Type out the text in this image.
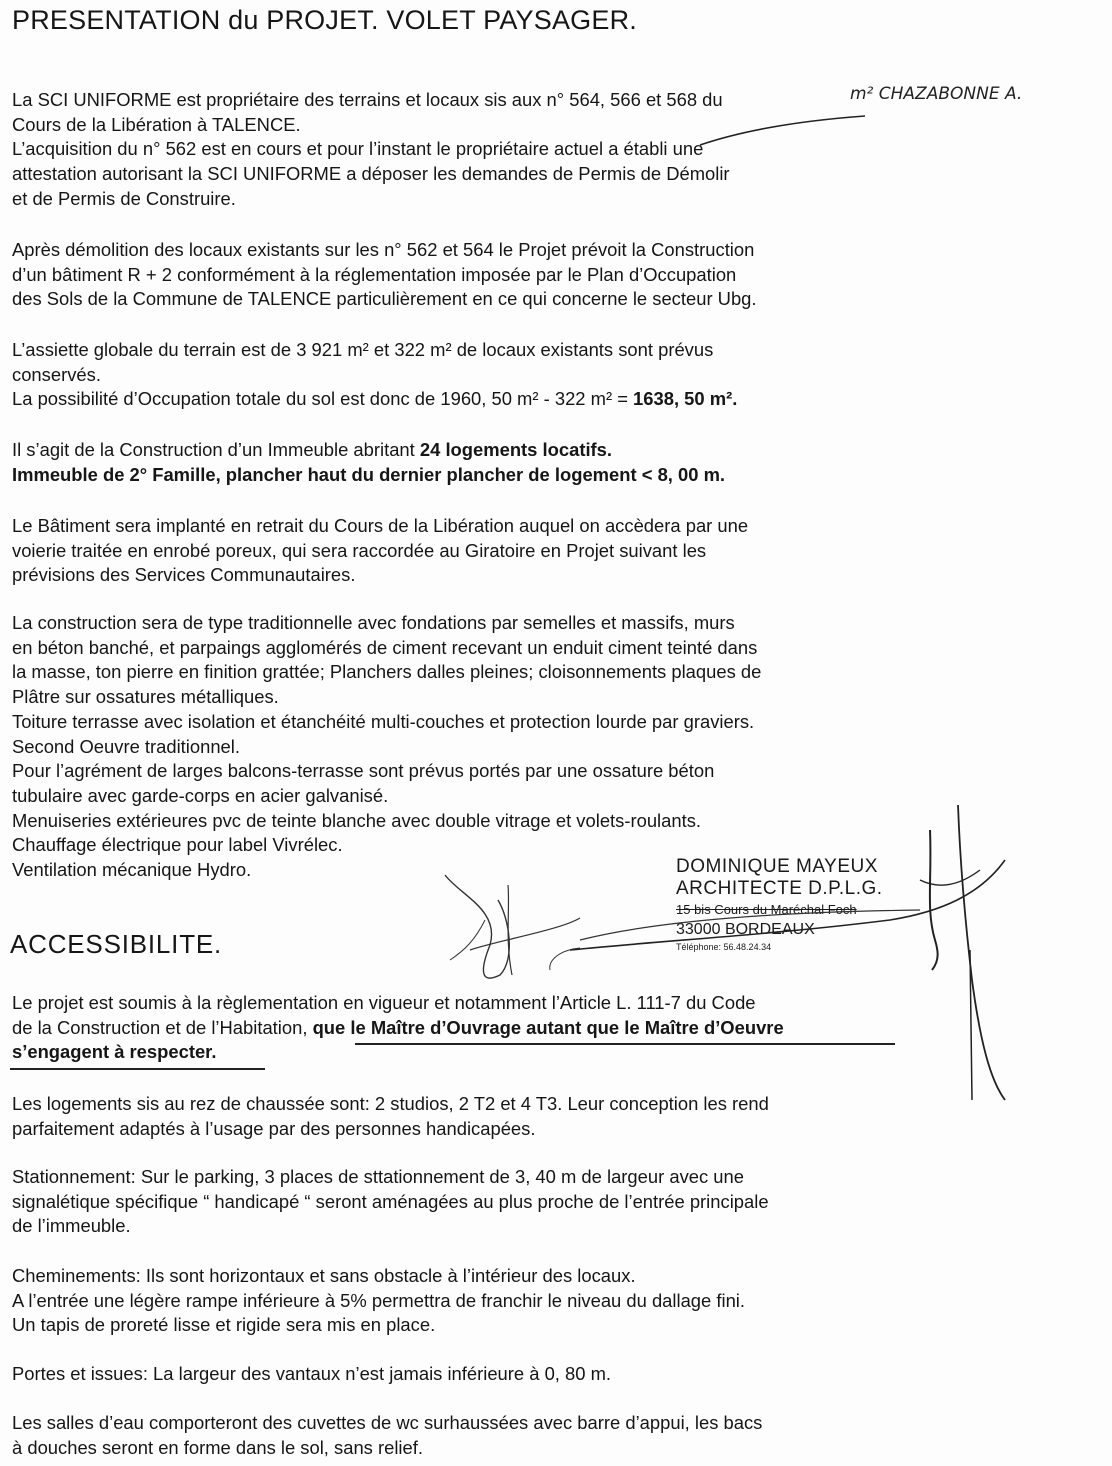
PRESENTATION du PROJET. VOLET PAYSAGER.

La SCI UNIFORME est propriétaire des terrains et locaux sis aux n° 564, 566 et 568 du
Cours de la Libération à TALENCE.
L’acquisition du n° 562 est en cours et pour l’instant le propriétaire actuel a établi une
attestation autorisant la SCI UNIFORME a déposer les demandes de Permis de Démolir
et de Permis de Construire.

Après démolition des locaux existants sur les n° 562 et 564 le Projet prévoit la Construction
d’un bâtiment R + 2 conformément à la réglementation imposée par le Plan d’Occupation
des Sols de la Commune de TALENCE particulièrement en ce qui concerne le secteur Ubg.

L’assiette globale du terrain est de 3 921 m² et 322 m² de locaux existants sont prévus
conservés.
La possibilité d’Occupation totale du sol est donc de 1960, 50 m² - 322 m² = 1638, 50 m².

Il s’agit de la Construction d’un Immeuble abritant 24 logements locatifs.
Immeuble de 2° Famille, plancher haut du dernier plancher de logement < 8, 00 m.

Le Bâtiment sera implanté en retrait du Cours de la Libération auquel on accèdera par une
voierie traitée en enrobé poreux, qui sera raccordée au Giratoire en Projet suivant les
prévisions des Services Communautaires.

La construction sera de type traditionnelle avec fondations par semelles et massifs, murs
en béton banché, et parpaings agglomérés de ciment recevant un enduit ciment teinté dans
la masse, ton pierre en finition grattée; Planchers dalles pleines; cloisonnements plaques de
Plâtre sur ossatures métalliques.
Toiture terrasse avec isolation et étanchéité multi-couches et protection lourde par graviers.
Second Oeuvre traditionnel.
Pour l’agrément de larges balcons-terrasse sont prévus portés par une ossature béton
tubulaire avec garde-corps en acier galvanisé.
Menuiseries extérieures pvc de teinte blanche avec double vitrage et volets-roulants.
Chauffage électrique pour label Vivrélec.
Ventilation mécanique Hydro.

ACCESSIBILITE.

Le projet est soumis à la règlementation en vigueur et notamment l’Article L. 111-7 du Code
de la Construction et de l’Habitation, que le Maître d’Ouvrage autant que le Maître d’Oeuvre
s’engagent à respecter.

Les logements sis au rez de chaussée sont: 2 studios, 2 T2 et 4 T3. Leur conception les rend
parfaitement adaptés à l’usage par des personnes handicapées.

Stationnement: Sur le parking, 3 places de sttationnement de 3, 40 m de largeur avec une
signalétique spécifique “ handicapé “ seront aménagées au plus proche de l’entrée principale
de l’immeuble.

Cheminements: Ils sont horizontaux et sans obstacle à l’intérieur des locaux.
A l’entrée une légère rampe inférieure à 5% permettra de franchir le niveau du dallage fini.
Un tapis de proreté lisse et rigide sera mis en place.

Portes et issues: La largeur des vantaux n’est jamais inférieure à 0, 80 m.

Les salles d’eau comporteront des cuvettes de wc surhaussées avec barre d’appui, les bacs
à douches seront en forme dans le sol, sans relief.

m² CHAZABONNE A.
DOMINIQUE MAYEUX
ARCHITECTE D.P.L.G.
15 bis Cours du Maréchal Foch
33000 BORDEAUX
Téléphone: 56.48.24.34
